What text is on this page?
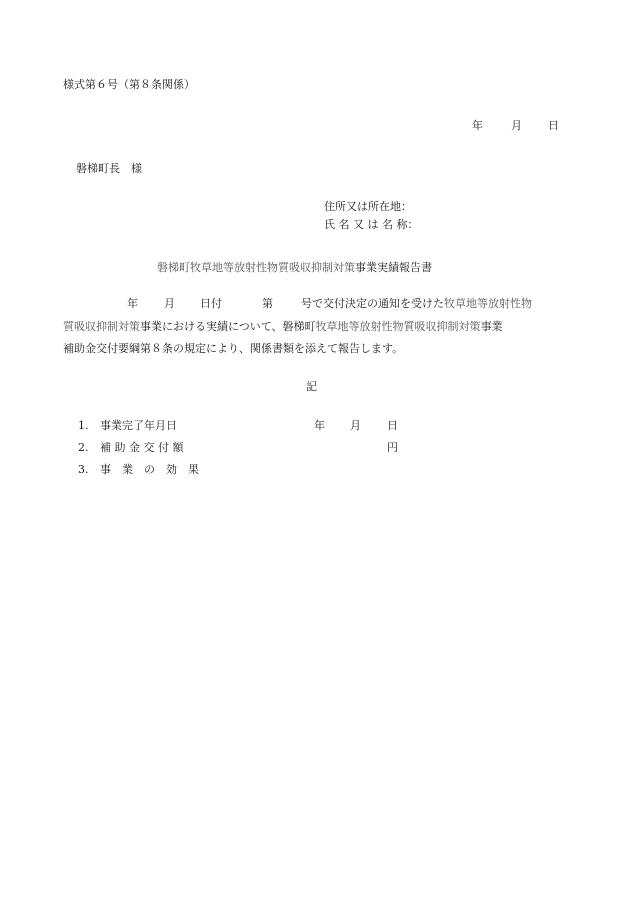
様式第６号（第８条関係）
年	月 日
磐梯町長　様
住所又は所在地：
氏 名 又 は 名 称：
磐梯町牧草地等放射性物質吸収抑制対策事業実績報告書
年 月 日付	第	号で交付決定の通知を受けた牧草地等放射性物
質吸収抑制対策事業における実績について、磐梯町牧草地等放射性物質吸収抑制対策事業
補助金交付要綱第８条の規定により、関係書類を添えて報告します。
記
1. 事業完了年月日	年 月 日
2. 補 助 金 交 付 額	円
3. 事　業　の　効　果
